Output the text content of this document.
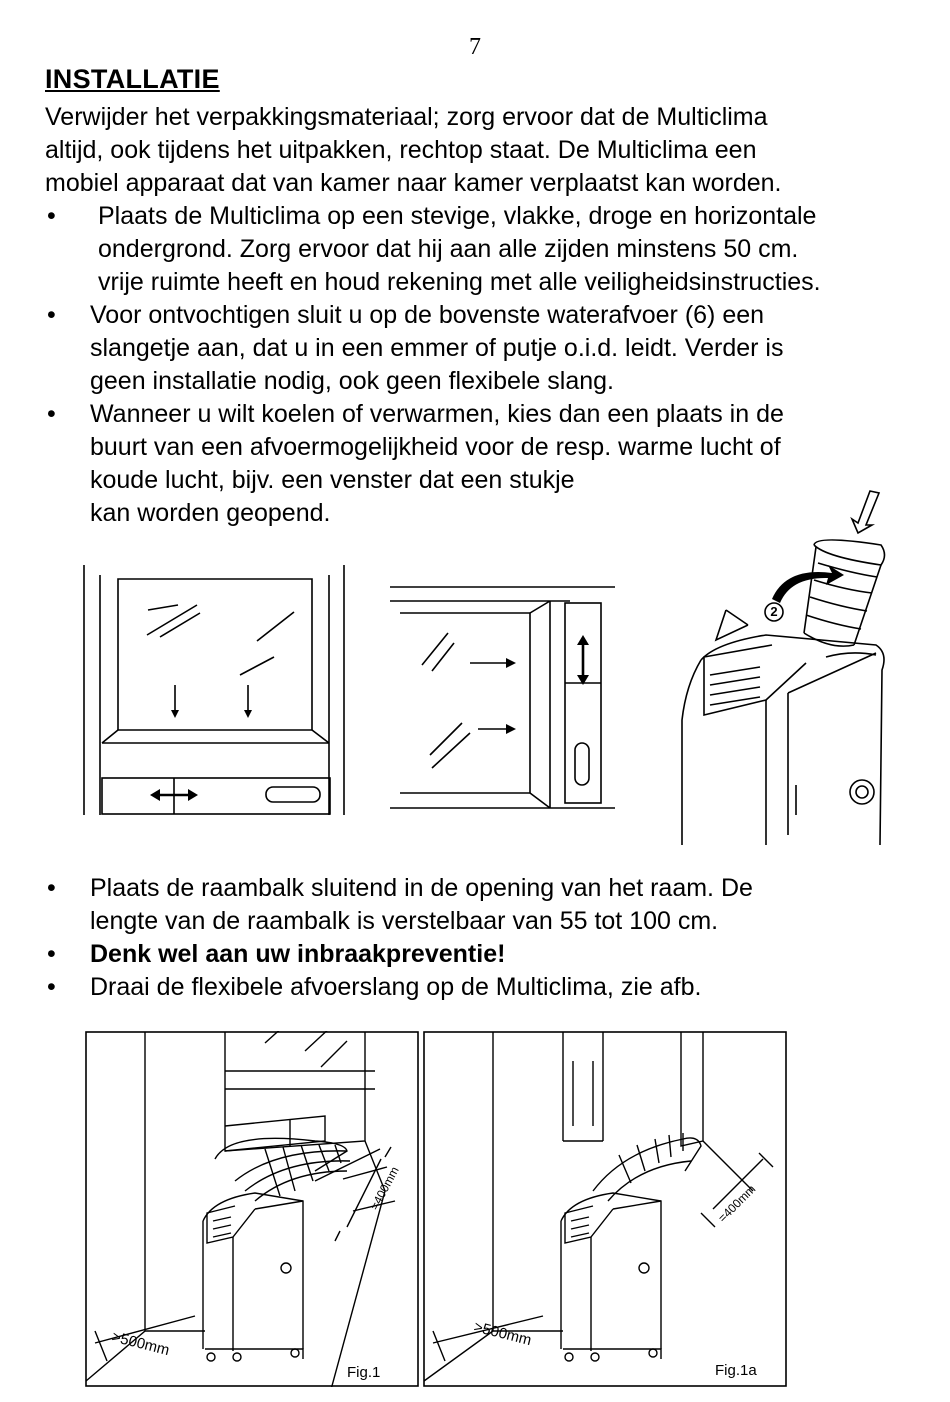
7
INSTALLATIE
Verwijder het verpakkingsmateriaal; zorg ervoor dat de Multiclima
altijd, ook tijdens het uitpakken, rechtop staat. De Multiclima een
mobiel apparaat dat van kamer naar kamer verplaatst kan worden.
• Plaats de Multiclima op een stevige, vlakke, droge en horizontale
ondergrond. Zorg ervoor dat hij aan alle zijden minstens 50 cm.
vrije ruimte heeft en houd rekening met alle veiligheidsinstructies.
• Voor ontvochtigen sluit u op de bovenste waterafvoer (6) een
slangetje aan, dat u in een emmer of putje o.i.d. leidt. Verder is
geen installatie nodig, ook geen flexibele slang.
• Wanneer u wilt koelen of verwarmen, kies dan een plaats in de
buurt van een afvoermogelijkheid voor de resp. warme lucht of
koude lucht, bijv. een venster dat een stukje
kan worden geopend.
2
• Plaats de raambalk sluitend in de opening van het raam. De
lengte van de raambalk is verstelbaar van 55 tot 100 cm.
• Denk wel aan uw inbraakpreventie!
• Draai de flexibele afvoerslang op de Multiclima, zie afb.
=400mm
>500mm
Fig.1
=400mm
>500mm
Fig.1a
